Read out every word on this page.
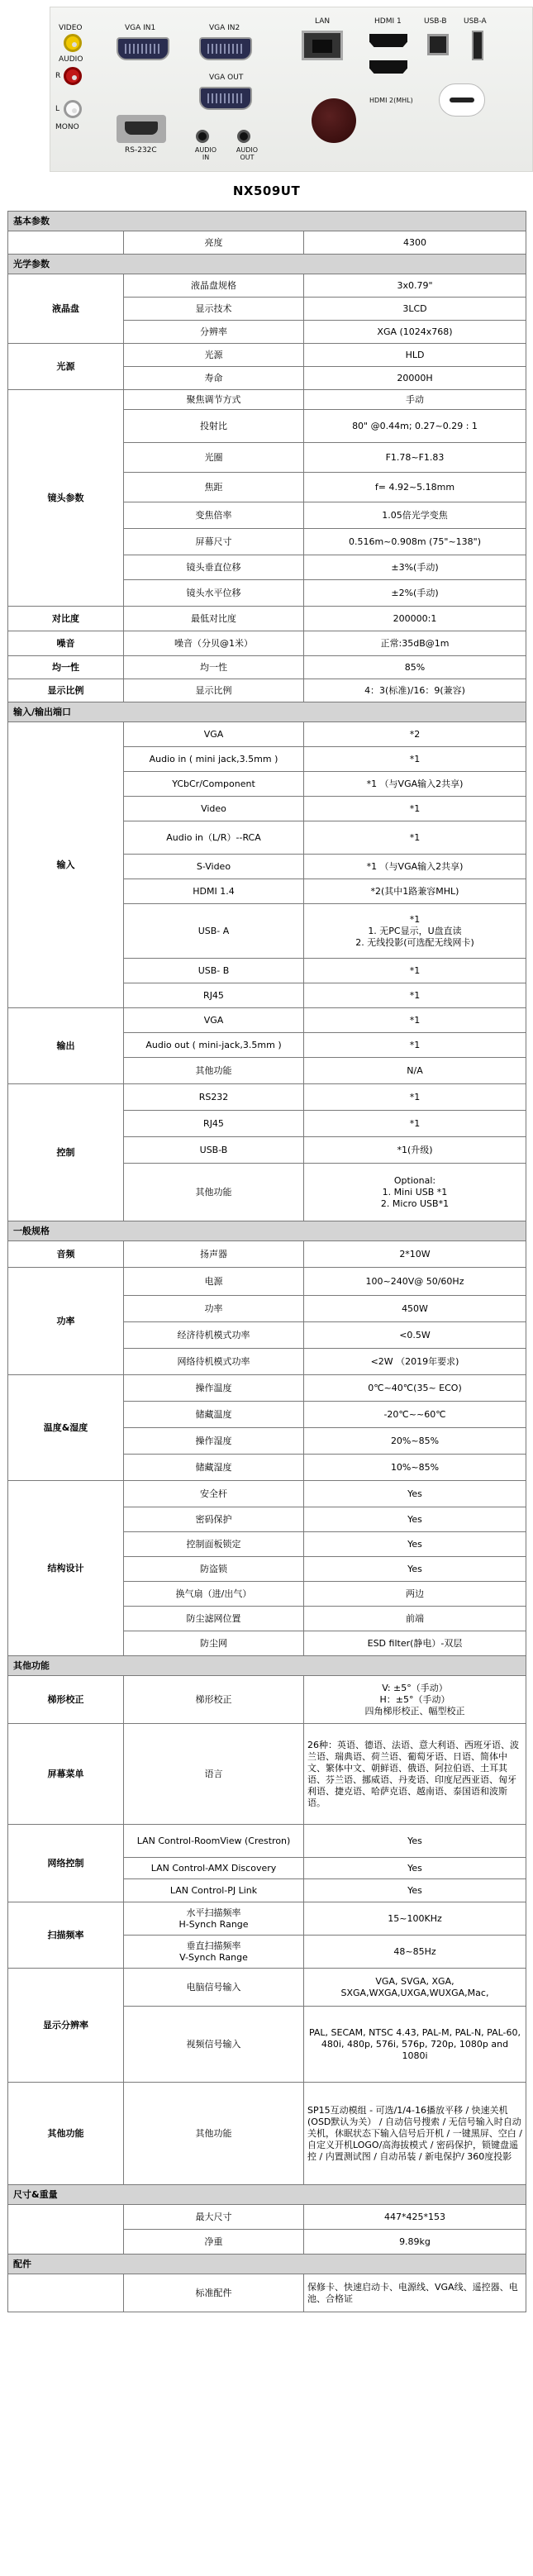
VIDEO
AUDIO
R
L
MONO
VGA IN1	VGA IN2
VGA OUT
RS-232C	AUDIO IN
AUDIO OUT
LAN	HDMI 1
HDMI 2(MHL)
USB-B USB-A
NX509UT
基本参数		
	亮度	4300
光学参数		
液晶盘	液晶盘规格	3x0.79"
	显示技术	3LCD
	分辨率	XGA (1024x768)
光源	光源	HLD
	寿命	20000H
镜头参数	聚焦调节方式	手动
	投射比	80" @0.44m; 0.27~0.29 : 1
	光圈	F1.78~F1.83
	焦距	f= 4.92~5.18mm
	变焦倍率	1.05倍光学变焦
	屏幕尺寸	0.516m~0.908m (75"~138")
	镜头垂直位移	±3%(手动)
	镜头水平位移	±2%(手动)
对比度	最低对比度	200000:1
噪音	噪音（分贝@1米）	正常:35dB@1m
均一性	均一性	85%
显示比例	显示比例	4：3(标准)/16：9(兼容)
输入/输出端口		
输入	VGA	*2
	Audio in ( mini jack,3.5mm )	*1
	YCbCr/Component	*1 （与VGA输入2共享)
	Video	*1
	Audio in（L/R）--RCA	*1
	S-Video	*1 （与VGA输入2共享)
	HDMI 1.4	*2(其中1路兼容MHL)
	USB- A	*1
1. 无PC显示，U盘直读
2. 无线投影(可选配无线网卡)
	USB- B	*1
	RJ45	*1
输出	VGA	*1
	Audio out ( mini-jack,3.5mm )	*1
	其他功能	N/A
控制	RS232	*1
	RJ45	*1
	USB-B	*1(升级)
	其他功能	Optional:
1. Mini USB *1
2. Micro USB*1
一般规格		
音频	扬声器	2*10W
功率	电源	100~240V@ 50/60Hz
	功率	450W
	经济待机模式功率	<0.5W
	网络待机模式功率	<2W （2019年要求)
温度&湿度	操作温度	0℃~40℃(35~ ECO)
	储藏温度	-20℃~~60℃
	操作湿度	20%~85%
	储藏湿度	10%~85%
结构设计	安全杆	Yes
	密码保护	Yes
	控制面板锁定	Yes
	防盗锁	Yes
	换气扇（进/出气）	两边
	防尘滤网位置	前端
	防尘网	ESD filter(静电）-双层
其他功能		
梯形校正	梯形校正	V: ±5°（手动）
H：±5°（手动）
四角梯形校正、幅型校正
屏幕菜单	语言	26种：英语、德语、法语、意大利语、西班牙语、波兰语、瑞典语、荷兰语、葡萄牙语、日语、简体中文、繁体中文、朝鲜语、俄语、阿拉伯语、土耳其语、芬兰语、挪威语、丹麦语、印度尼西亚语、匈牙利语、捷克语、哈萨克语、越南语、泰国语和波斯语。
网络控制	LAN Control-RoomView (Crestron)	Yes
	LAN Control-AMX Discovery	Yes
	LAN Control-PJ Link	Yes
扫描频率	水平扫描频率
H-Synch Range	15~100KHz
	垂直扫描频率
V-Synch Range	48~85Hz
显示分辨率	电脑信号输入	VGA, SVGA, XGA,
SXGA,WXGA,UXGA,WUXGA,Mac,
	视频信号输入	PAL, SECAM, NTSC 4.43, PAL-M, PAL-N, PAL-60,
480i, 480p, 576i, 576p, 720p, 1080p and 1080i
其他功能	其他功能	SP15互动模组 - 可选/1/4-16播放平移 / 快速关机(OSD默认为关） / 自动信号搜索 / 无信号输入时自动关机，休眠状态下输入信号后开机 / 一键黑屏、空白 / 自定义开机LOGO/高海拔模式 / 密码保护，锁键盘遥控 / 内置测试图 / 自动吊装 / 新电保护/ 360度投影
尺寸&重量		
	最大尺寸	447*425*153
	净重	9.89kg
配件		
	标准配件	保修卡、快速启动卡、电源线、VGA线、遥控器、电池、合格证
